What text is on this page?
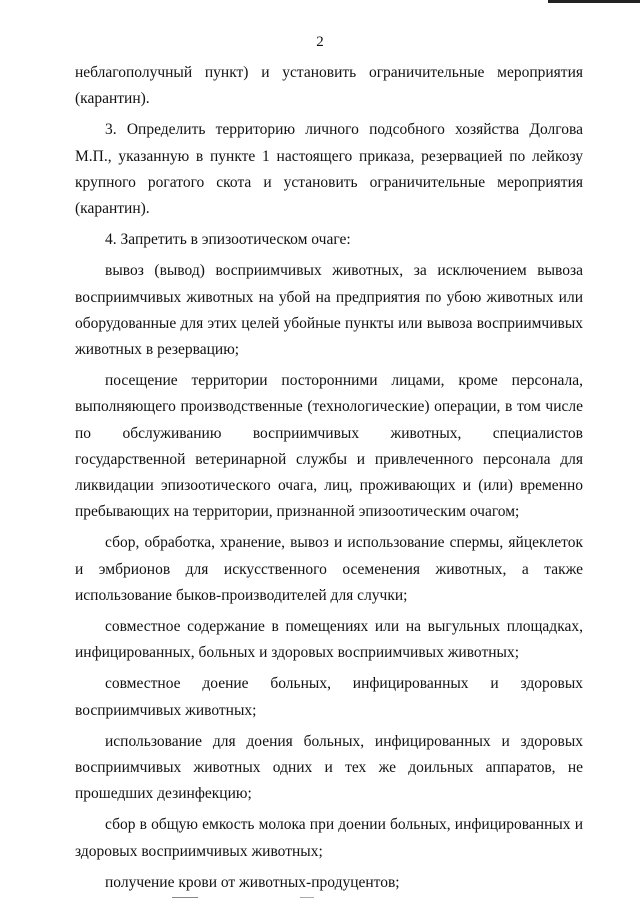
2

неблагополучный пункт) и установить ограничительные мероприятия (карантин).

3. Определить территорию личного подсобного хозяйства Долгова М.П., указанную в пункте 1 настоящего приказа, резервацией по лейкозу крупного рогатого скота и установить ограничительные мероприятия (карантин).

4. Запретить в эпизоотическом очаге:

вывоз (вывод) восприимчивых животных, за исключением вывоза восприимчивых животных на убой на предприятия по убою животных или оборудованные для этих целей убойные пункты или вывоза восприимчивых животных в резервацию;

посещение территории посторонними лицами, кроме персонала, выполняющего производственные (технологические) операции, в том числе по обслуживанию восприимчивых животных, специалистов государственной ветеринарной службы и привлеченного персонала для ликвидации эпизоотического очага, лиц, проживающих и (или) временно пребывающих на территории, признанной эпизоотическим очагом;

сбор, обработка, хранение, вывоз и использование спермы, яйцеклеток и эмбрионов для искусственного осеменения животных, а также использование быков-производителей для случки;

совместное содержание в помещениях или на выгульных площадках, инфицированных, больных и здоровых восприимчивых животных;

совместное доение больных, инфицированных и здоровых восприимчивых животных;

использование для доения больных, инфицированных и здоровых восприимчивых животных одних и тех же доильных аппаратов, не прошедших дезинфекцию;

сбор в общую емкость молока при доении больных, инфицированных и здоровых восприимчивых животных;

получение крови от животных-продуцентов;
